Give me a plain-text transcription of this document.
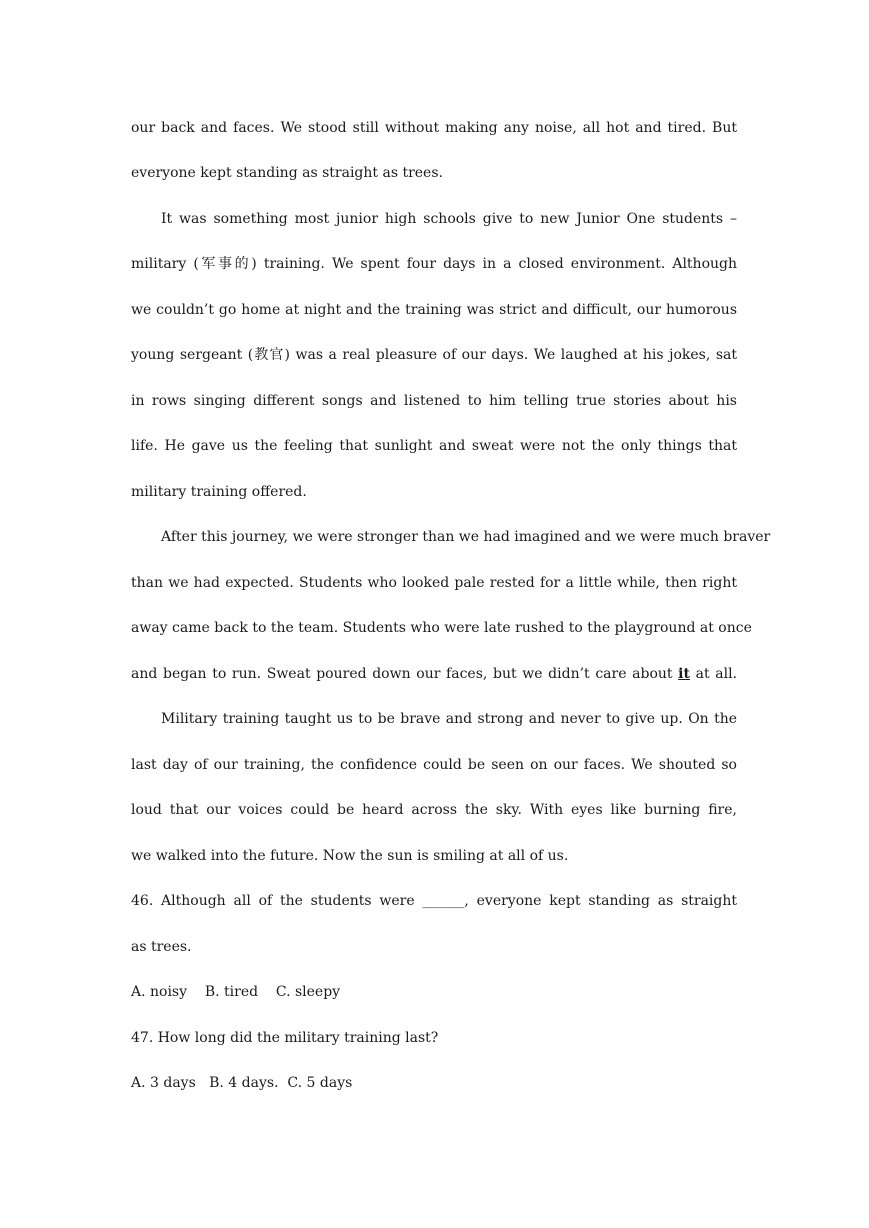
our back and faces. We stood still without making any noise, all hot and tired. But
everyone kept standing as straight as trees.
It was something most junior high schools give to new Junior One students –
military (军事的) training. We spent four days in a closed environment. Although
we couldn’t go home at night and the training was strict and difficult, our humorous
young sergeant (教官) was a real pleasure of our days. We laughed at his jokes, sat
in rows singing different songs and listened to him telling true stories about his
life. He gave us the feeling that sunlight and sweat were not the only things that
military training offered.
After this journey, we were stronger than we had imagined and we were much braver
than we had expected. Students who looked pale rested for a little while, then right
away came back to the team. Students who were late rushed to the playground at once
and began to run. Sweat poured down our faces, but we didn’t care about it at all.
Military training taught us to be brave and strong and never to give up. On the
last day of our training, the confidence could be seen on our faces. We shouted so
loud that our voices could be heard across the sky. With eyes like burning fire,
we walked into the future. Now the sun is smiling at all of us.
46. Although all of the students were ______, everyone kept standing as straight
as trees.
A. noisy    B. tired    C. sleepy
47. How long did the military training last?
A. 3 days   B. 4 days.  C. 5 days
